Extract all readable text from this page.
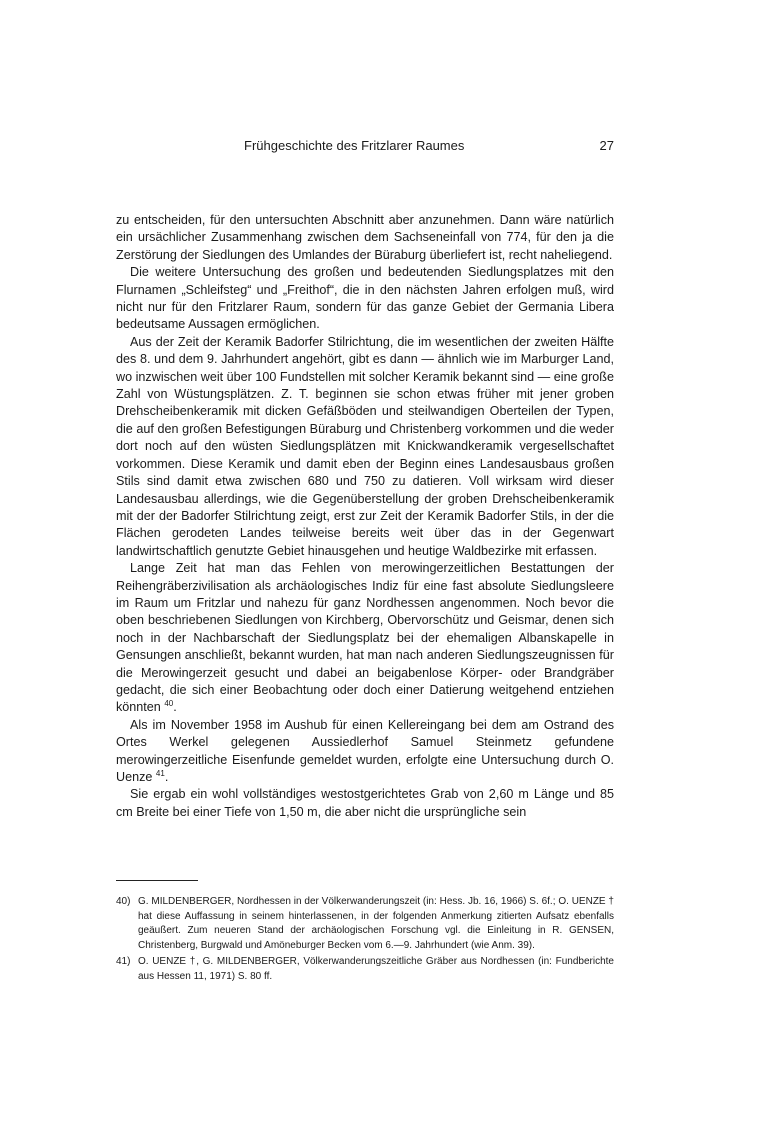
Frühgeschichte des Fritzlarer Raumes	27

zu entscheiden, für den untersuchten Abschnitt aber anzunehmen. Dann wäre natürlich ein ursächlicher Zusammenhang zwischen dem Sachseneinfall von 774, für den ja die Zerstörung der Siedlungen des Umlandes der Büraburg überliefert ist, recht naheliegend.

Die weitere Untersuchung des großen und bedeutenden Siedlungsplatzes mit den Flurnamen „Schleifsteg“ und „Freithof“, die in den nächsten Jahren erfolgen muß, wird nicht nur für den Fritzlarer Raum, sondern für das ganze Gebiet der Germania Libera bedeutsame Aussagen ermöglichen.

Aus der Zeit der Keramik Badorfer Stilrichtung, die im wesentlichen der zweiten Hälfte des 8. und dem 9. Jahrhundert angehört, gibt es dann — ähnlich wie im Marburger Land, wo inzwischen weit über 100 Fundstellen mit solcher Keramik bekannt sind — eine große Zahl von Wüstungsplätzen. Z. T. beginnen sie schon etwas früher mit jener groben Drehscheibenkeramik mit dicken Gefäßböden und steilwandigen Oberteilen der Typen, die auf den großen Befestigungen Büraburg und Christenberg vorkommen und die weder dort noch auf den wüsten Siedlungsplätzen mit Knickwandkeramik vergesellschaftet vorkommen. Diese Keramik und damit eben der Beginn eines Landesausbaus großen Stils sind damit etwa zwischen 680 und 750 zu datieren. Voll wirksam wird dieser Landesausbau allerdings, wie die Gegenüberstellung der groben Drehscheibenkeramik mit der der Badorfer Stilrichtung zeigt, erst zur Zeit der Keramik Badorfer Stils, in der die Flächen gerodeten Landes teilweise bereits weit über das in der Gegenwart landwirtschaftlich genutzte Gebiet hinausgehen und heutige Waldbezirke mit erfassen.

Lange Zeit hat man das Fehlen von merowingerzeitlichen Bestattungen der Reihengräberzivilisation als archäologisches Indiz für eine fast absolute Siedlungsleere im Raum um Fritzlar und nahezu für ganz Nordhessen angenommen. Noch bevor die oben beschriebenen Siedlungen von Kirchberg, Obervorschütz und Geismar, denen sich noch in der Nachbarschaft der Siedlungsplatz bei der ehemaligen Albanskapelle in Gensungen anschließt, bekannt wurden, hat man nach anderen Siedlungszeugnissen für die Merowingerzeit gesucht und dabei an beigabenlose Körper- oder Brandgräber gedacht, die sich einer Beobachtung oder doch einer Datierung weitgehend entziehen könnten $^{40}$.

Als im November 1958 im Aushub für einen Kellereingang bei dem am Ostrand des Ortes Werkel gelegenen Aussiedlerhof Samuel Steinmetz gefundene merowingerzeitliche Eisenfunde gemeldet wurden, erfolgte eine Untersuchung durch O. Uenze $^{41}$.

Sie ergab ein wohl vollständiges westostgerichtetes Grab von 2,60 m Länge und 85 cm Breite bei einer Tiefe von 1,50 m, die aber nicht die ursprüngliche sein

40) G. MILDENBERGER, Nordhessen in der Völkerwanderungszeit (in: Hess. Jb. 16, 1966) S. 6f.; O. UENZE † hat diese Auffassung in seinem hinterlassenen, in der folgenden Anmerkung zitierten Aufsatz ebenfalls geäußert. Zum neueren Stand der archäologischen Forschung vgl. die Einleitung in R. GENSEN, Christenberg, Burgwald und Amöneburger Becken vom 6.—9. Jahrhundert (wie Anm. 39).
41) O. UENZE †, G. MILDENBERGER, Völkerwanderungszeitliche Gräber aus Nordhessen (in: Fundberichte aus Hessen 11, 1971) S. 80 ff.
